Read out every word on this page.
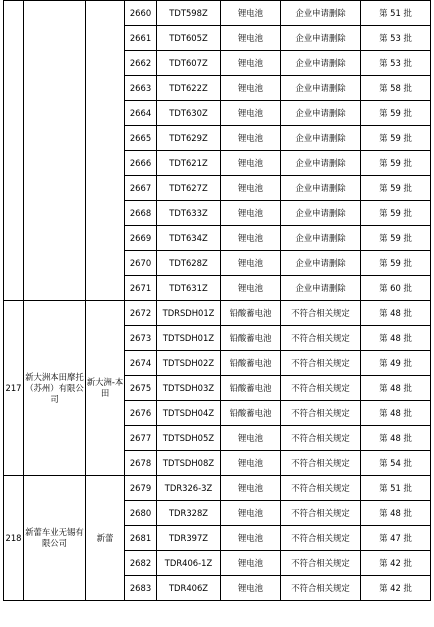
			2660	TDT598Z	锂电池	企业申请删除	第 51 批
			2661	TDT605Z	锂电池	企业申请删除	第 53 批
			2662	TDT607Z	锂电池	企业申请删除	第 53 批
			2663	TDT622Z	锂电池	企业申请删除	第 58 批
			2664	TDT630Z	锂电池	企业申请删除	第 59 批
			2665	TDT629Z	锂电池	企业申请删除	第 59 批
			2666	TDT621Z	锂电池	企业申请删除	第 59 批
			2667	TDT627Z	锂电池	企业申请删除	第 59 批
			2668	TDT633Z	锂电池	企业申请删除	第 59 批
			2669	TDT634Z	锂电池	企业申请删除	第 59 批
			2670	TDT628Z	锂电池	企业申请删除	第 59 批
			2671	TDT631Z	锂电池	企业申请删除	第 60 批
217	新大洲本田摩托（苏州）有限公司	新大洲-本田	2672	TDRSDH01Z	铅酸蓄电池	不符合相关规定	第 48 批
			2673	TDTSDH01Z	铅酸蓄电池	不符合相关规定	第 48 批
			2674	TDTSDH02Z	铅酸蓄电池	不符合相关规定	第 49 批
			2675	TDTSDH03Z	铅酸蓄电池	不符合相关规定	第 48 批
			2676	TDTSDH04Z	铅酸蓄电池	不符合相关规定	第 48 批
			2677	TDTSDH05Z	锂电池	不符合相关规定	第 48 批
			2678	TDTSDH08Z	锂电池	不符合相关规定	第 54 批
218	新蕾车业无锡有限公司	新蕾	2679	TDR326-3Z	锂电池	不符合相关规定	第 51 批
			2680	TDR328Z	锂电池	不符合相关规定	第 48 批
			2681	TDR397Z	锂电池	不符合相关规定	第 47 批
			2682	TDR406-1Z	锂电池	不符合相关规定	第 42 批
			2683	TDR406Z	锂电池	不符合相关规定	第 42 批
